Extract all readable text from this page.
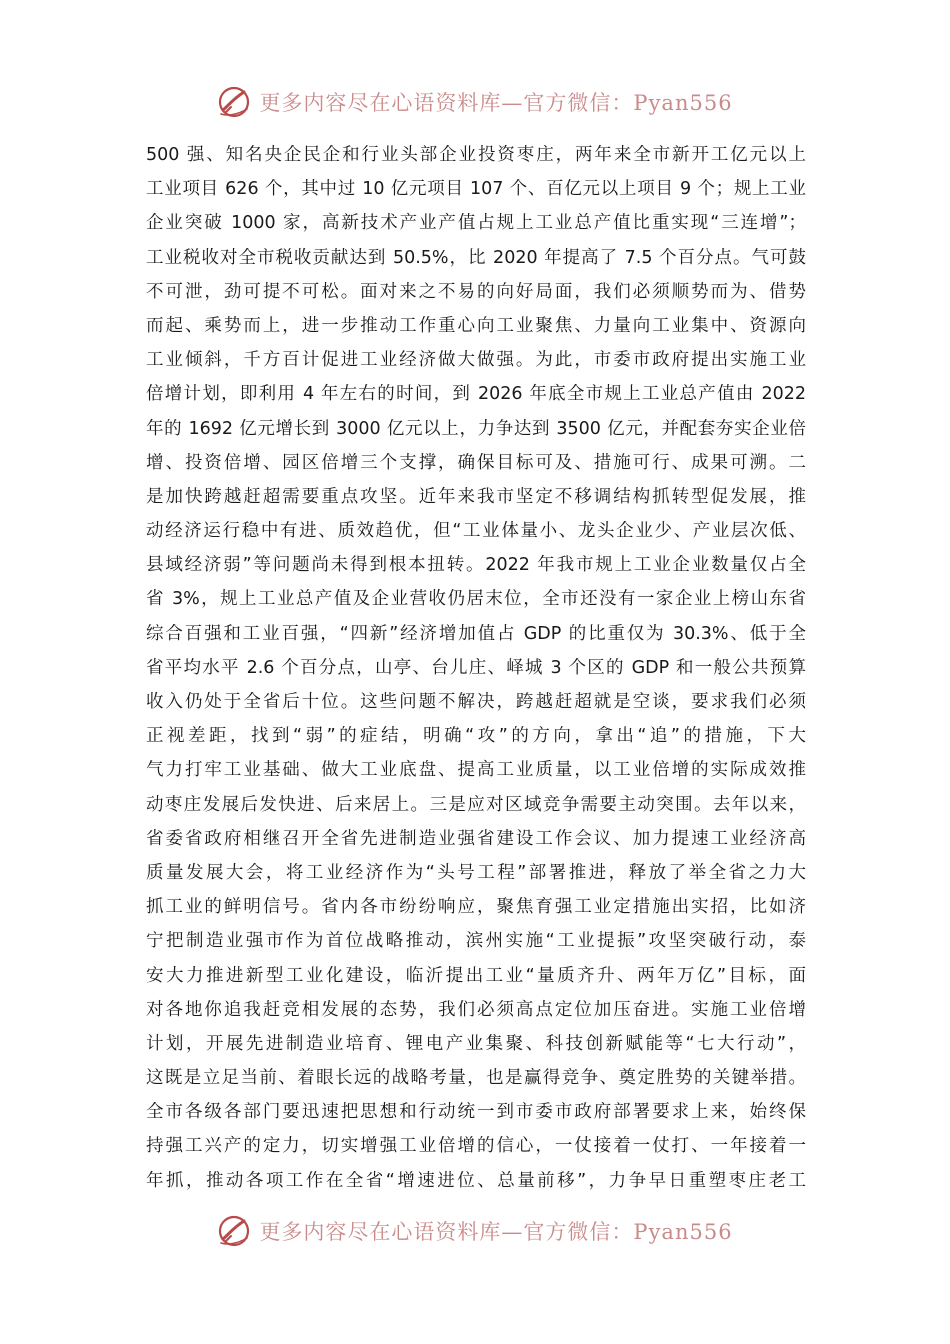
更多内容尽在心语资料库—官方微信：Pyan556
500 强、知名央企民企和行业头部企业投资枣庄，两年来全市新开工亿元以上
工业项目 626 个，其中过 10 亿元项目 107 个、百亿元以上项目 9 个；规上工业
企业突破 1000 家，高新技术产业产值占规上工业总产值比重实现“三连增”；
工业税收对全市税收贡献达到 50.5%，比 2020 年提高了 7.5 个百分点。气可鼓
不可泄，劲可提不可松。面对来之不易的向好局面，我们必须顺势而为、借势
而起、乘势而上，进一步推动工作重心向工业聚焦、力量向工业集中、资源向
工业倾斜，千方百计促进工业经济做大做强。为此，市委市政府提出实施工业
倍增计划，即利用 4 年左右的时间，到 2026 年底全市规上工业总产值由 2022
年的 1692 亿元增长到 3000 亿元以上，力争达到 3500 亿元，并配套夯实企业倍
增、投资倍增、园区倍增三个支撑，确保目标可及、措施可行、成果可溯。二
是加快跨越赶超需要重点攻坚。近年来我市坚定不移调结构抓转型促发展，推
动经济运行稳中有进、质效趋优，但“工业体量小、龙头企业少、产业层次低、
县域经济弱”等问题尚未得到根本扭转。2022 年我市规上工业企业数量仅占全
省 3%，规上工业总产值及企业营收仍居末位，全市还没有一家企业上榜山东省
综合百强和工业百强，“四新”经济增加值占 GDP 的比重仅为 30.3%、低于全
省平均水平 2.6 个百分点，山亭、台儿庄、峄城 3 个区的 GDP 和一般公共预算
收入仍处于全省后十位。这些问题不解决，跨越赶超就是空谈，要求我们必须
正视差距，找到“弱”的症结，明确“攻”的方向，拿出“追”的措施，下大
气力打牢工业基础、做大工业底盘、提高工业质量，以工业倍增的实际成效推
动枣庄发展后发快进、后来居上。三是应对区域竞争需要主动突围。去年以来，
省委省政府相继召开全省先进制造业强省建设工作会议、加力提速工业经济高
质量发展大会，将工业经济作为“头号工程”部署推进，释放了举全省之力大
抓工业的鲜明信号。省内各市纷纷响应，聚焦育强工业定措施出实招，比如济
宁把制造业强市作为首位战略推动，滨州实施“工业提振”攻坚突破行动，泰
安大力推进新型工业化建设，临沂提出工业“量质齐升、两年万亿”目标，面
对各地你追我赶竞相发展的态势，我们必须高点定位加压奋进。实施工业倍增
计划，开展先进制造业培育、锂电产业集聚、科技创新赋能等“七大行动”，
这既是立足当前、着眼长远的战略考量，也是赢得竞争、奠定胜势的关键举措。
全市各级各部门要迅速把思想和行动统一到市委市政府部署要求上来，始终保
持强工兴产的定力，切实增强工业倍增的信心，一仗接着一仗打、一年接着一
年抓，推动各项工作在全省“增速进位、总量前移”，力争早日重塑枣庄老工
更多内容尽在心语资料库—官方微信：Pyan556
